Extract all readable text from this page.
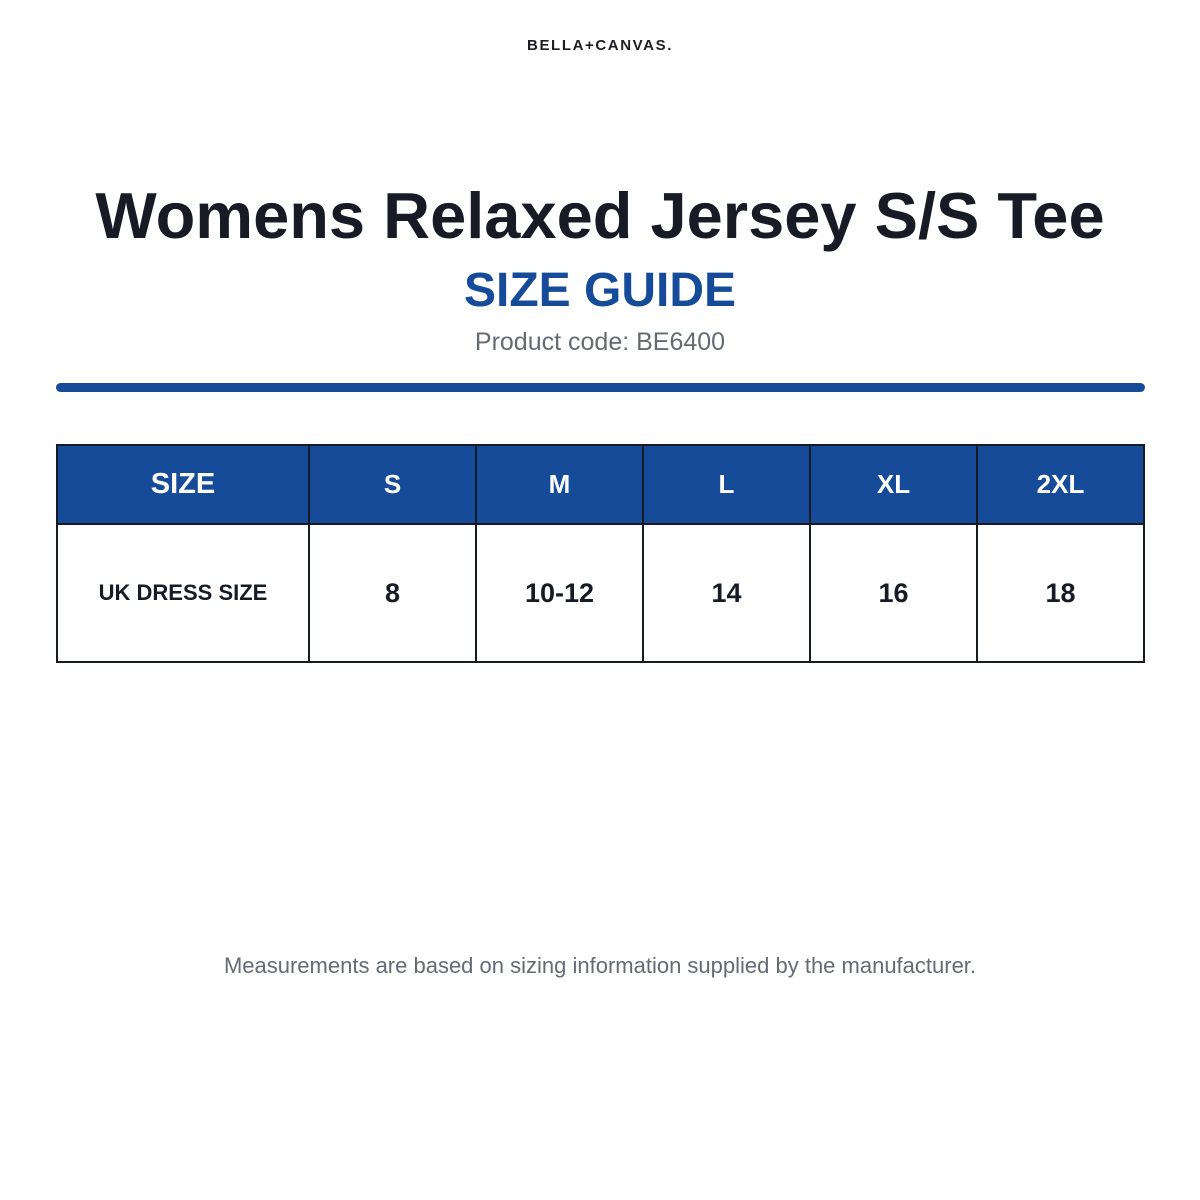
BELLA+CANVAS.
Womens Relaxed Jersey S/S Tee
SIZE GUIDE
Product code: BE6400
SIZE	S	M	L	XL	2XL
UK DRESS SIZE	8	10-12	14	16	18
Measurements are based on sizing information supplied by the manufacturer.
